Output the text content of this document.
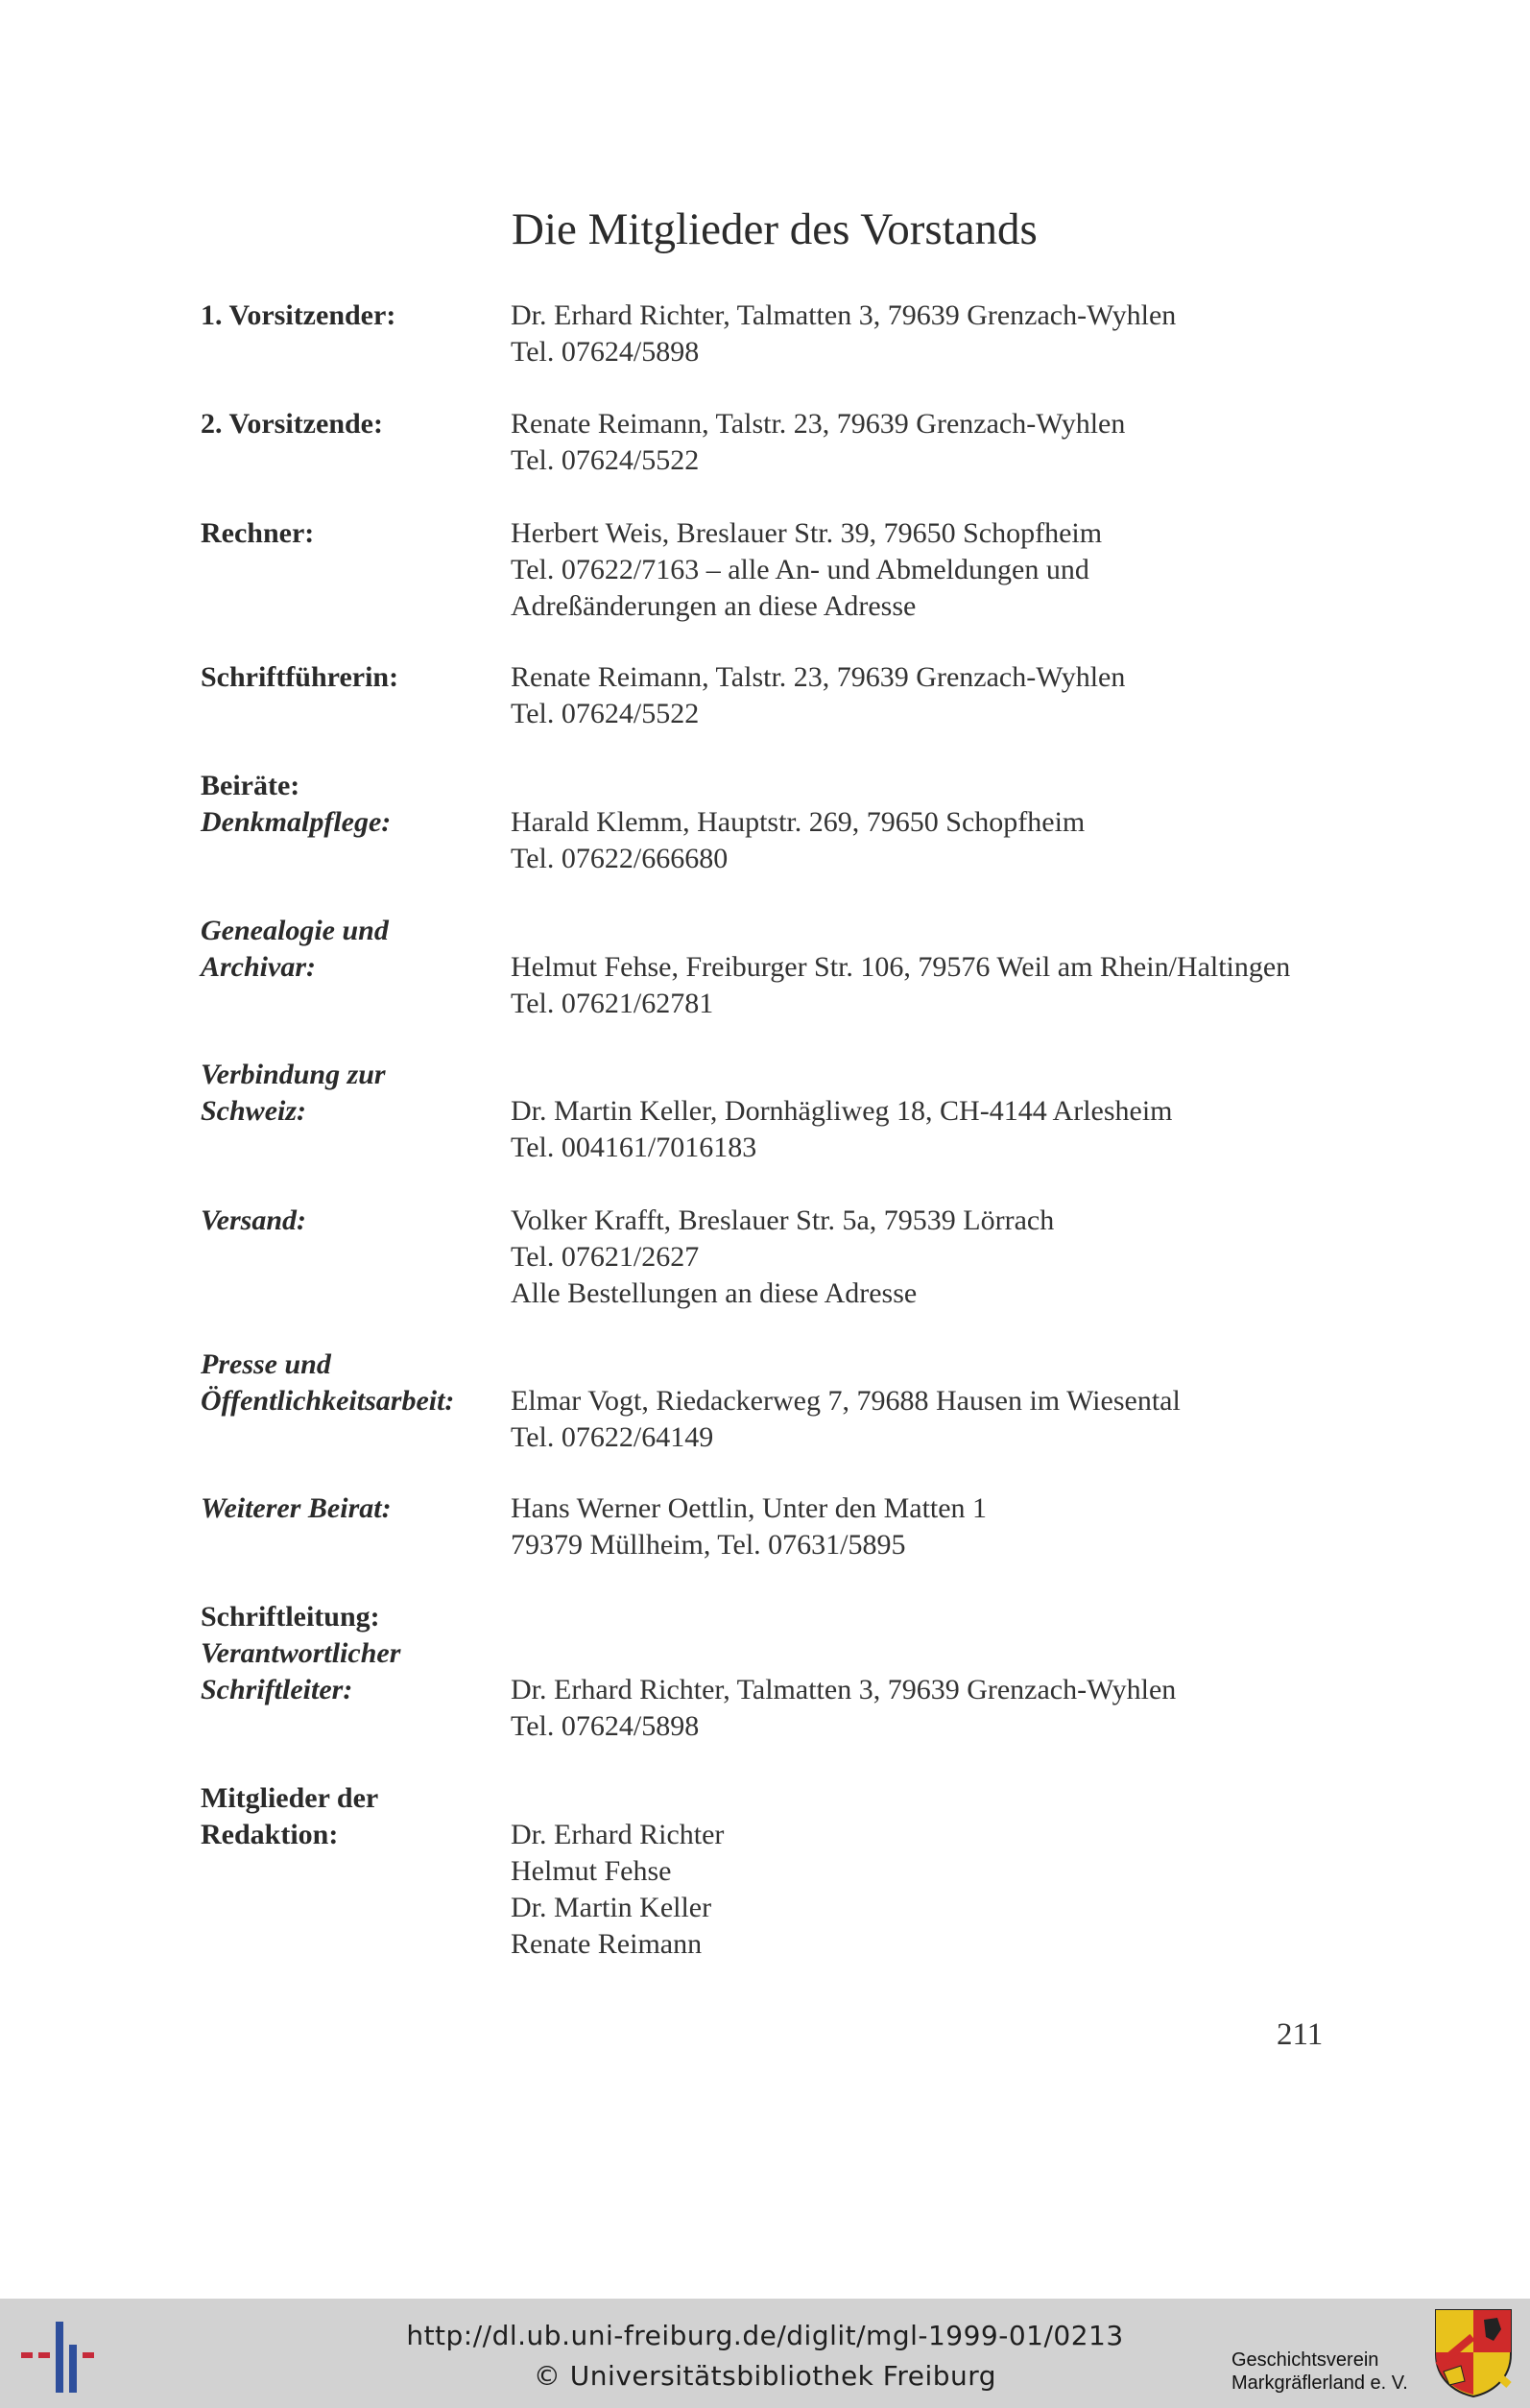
Die Mitglieder des Vorstands
1. Vorsitzender:	Dr. Erhard Richter, Talmatten 3, 79639 Grenzach-Wyhlen
Tel. 07624/5898
2. Vorsitzende:	Renate Reimann, Talstr. 23, 79639 Grenzach-Wyhlen
Tel. 07624/5522
Rechner:	Herbert Weis, Breslauer Str. 39, 79650 Schopfheim
Tel. 07622/7163 – alle An- und Abmeldungen und
Adreßänderungen an diese Adresse
Schriftführerin:	Renate Reimann, Talstr. 23, 79639 Grenzach-Wyhlen
Tel. 07624/5522
Beiräte:
Denkmalpflege:	Harald Klemm, Hauptstr. 269, 79650 Schopfheim
Tel. 07622/666680
Genealogie und
Archivar:	Helmut Fehse, Freiburger Str. 106, 79576 Weil am Rhein/Haltingen
Tel. 07621/62781
Verbindung zur
Schweiz:	Dr. Martin Keller, Dornhägliweg 18, CH-4144 Arlesheim
Tel. 004161/7016183
Versand:	Volker Krafft, Breslauer Str. 5a, 79539 Lörrach
Tel. 07621/2627
Alle Bestellungen an diese Adresse
Presse und
Öffentlichkeitsarbeit:	Elmar Vogt, Riedackerweg 7, 79688 Hausen im Wiesental
Tel. 07622/64149
Weiterer Beirat:	Hans Werner Oettlin, Unter den Matten 1
79379 Müllheim, Tel. 07631/5895
Schriftleitung:
Verantwortlicher
Schriftleiter:	Dr. Erhard Richter, Talmatten 3, 79639 Grenzach-Wyhlen
Tel. 07624/5898
Mitglieder der
Redaktion:	Dr. Erhard Richter
Helmut Fehse
Dr. Martin Keller
Renate Reimann
211
http://dl.ub.uni-freiburg.de/diglit/mgl-1999-01/0213
© Universitätsbibliothek Freiburg	Geschichtsverein
Markgräflerland e. V.
